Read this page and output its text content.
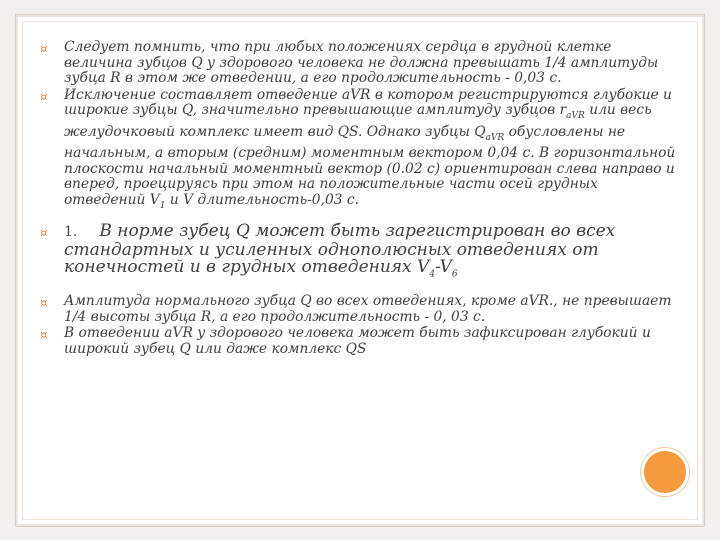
¤	Следует помнить, что при любых положениях сердца в грудной клетке величина зубцов Q у здорового человека не должна превышать 1/4 амплитуды зубца R в этом же отведении, а его продолжительность - 0,03 с.
¤	Исключение составляет отведение aVR в котором регистрируются глубокие и широкие зубцы Q, значительно превышающие амплитуду зубцов $r_{aVR}$ или весь желудочковый комплекс имеет вид QS. Однако зубцы $Q_{aVR}$ обусловлены не начальным, а вторым (средним) моментным вектором 0,04 с. В горизонтальной плоскости начальный моментный вектор (0.02 с) ориентирован слева направо и вперед, проецируясь при этом на положительные части осей грудных отведений $V_1$ и V длительность-0,03 с.
¤	1. В норме зубец Q может быть зарегистрирован во всех стандартных и усиленных однополюсных отведениях от конечностей и в грудных отведениях $V_4-V_6$
¤	Амплитуда нормального зубца Q во всех отведениях, кроме aVR., не превышает 1/4 высоты зубца R, а его продолжительность - 0, 03 с.
¤	В отведении aVR у здорового человека может быть зафиксирован глубокий и широкий зубец Q или даже комплекс QS
